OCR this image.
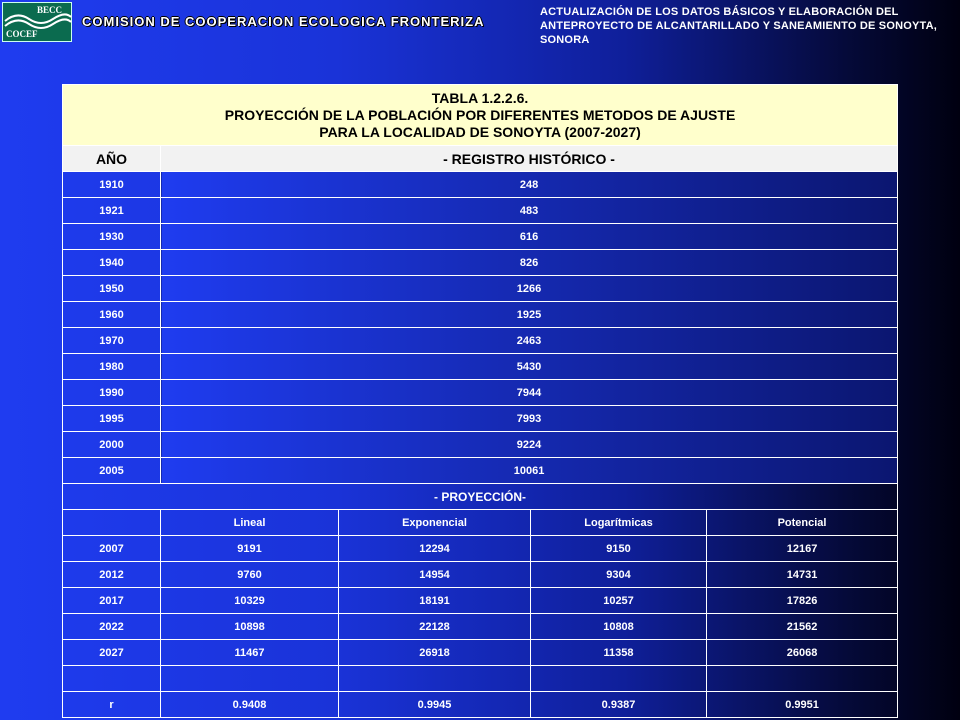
BECC
COCEF
COMISION DE COOPERACION ECOLOGICA FRONTERIZA
ACTUALIZACIÓN DE LOS DATOS BÁSICOS Y ELABORACIÓN DEL ANTEPROYECTO DE ALCANTARILLADO Y SANEAMIENTO DE SONOYTA, SONORA
TABLA 1.2.2.6.
PROYECCIÓN DE LA POBLACIÓN POR DIFERENTES METODOS DE AJUSTE
PARA LA LOCALIDAD DE SONOYTA (2007-2027)				

AÑO	- REGISTRO HISTÓRICO -			
1910	248			
1921	483			
1930	616			
1940	826			
1950	1266			
1960	1925			
1970	2463			
1980	5430			
1990	7944			
1995	7993			
2000	9224			
2005	10061			
- PROYECCIÓN-				
	Lineal	Exponencial	Logarítmicas	Potencial
2007	9191	12294	9150	12167
2012	9760	14954	9304	14731
2017	10329	18191	10257	17826
2022	10898	22128	10808	21562
2027	11467	26918	11358	26068

r	0.9408	0.9945	0.9387	0.9951
